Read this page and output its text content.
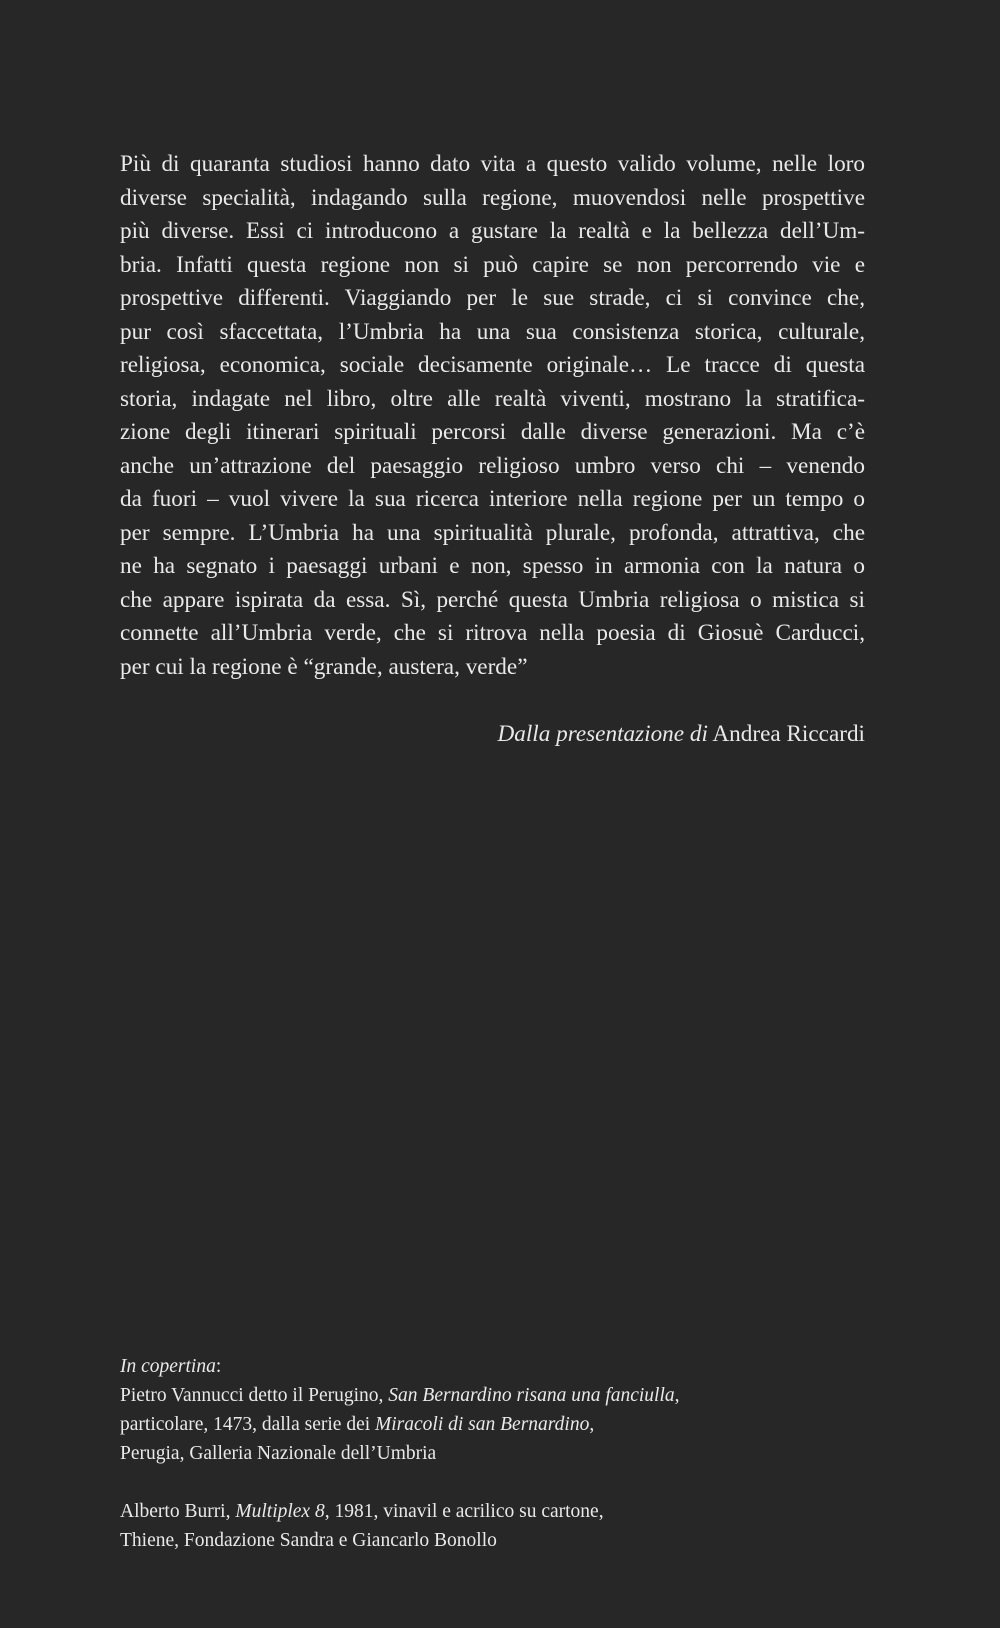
Più di quaranta studiosi hanno dato vita a questo valido volume, nelle loro
diverse specialità, indagando sulla regione, muovendosi nelle prospettive
più diverse. Essi ci introducono a gustare la realtà e la bellezza dell’Um-
bria. Infatti questa regione non si può capire se non percorrendo vie e
prospettive differenti. Viaggiando per le sue strade, ci si convince che,
pur così sfaccettata, l’Umbria ha una sua consistenza storica, culturale,
religiosa, economica, sociale decisamente originale… Le tracce di questa
storia, indagate nel libro, oltre alle realtà viventi, mostrano la stratifica-
zione degli itinerari spirituali percorsi dalle diverse generazioni. Ma c’è
anche un’attrazione del paesaggio religioso umbro verso chi – venendo
da fuori – vuol vivere la sua ricerca interiore nella regione per un tempo o
per sempre. L’Umbria ha una spiritualità plurale, profonda, attrattiva, che
ne ha segnato i paesaggi urbani e non, spesso in armonia con la natura o
che appare ispirata da essa. Sì, perché questa Umbria religiosa o mistica si
connette all’Umbria verde, che si ritrova nella poesia di Giosuè Carducci,
per cui la regione è “grande, austera, verde”

Dalla presentazione di Andrea Riccardi

In copertina:
Pietro Vannucci detto il Perugino, San Bernardino risana una fanciulla,
particolare, 1473, dalla serie dei Miracoli di san Bernardino,
Perugia, Galleria Nazionale dell’Umbria
Alberto Burri, Multiplex 8, 1981, vinavil e acrilico su cartone,
Thiene, Fondazione Sandra e Giancarlo Bonollo
